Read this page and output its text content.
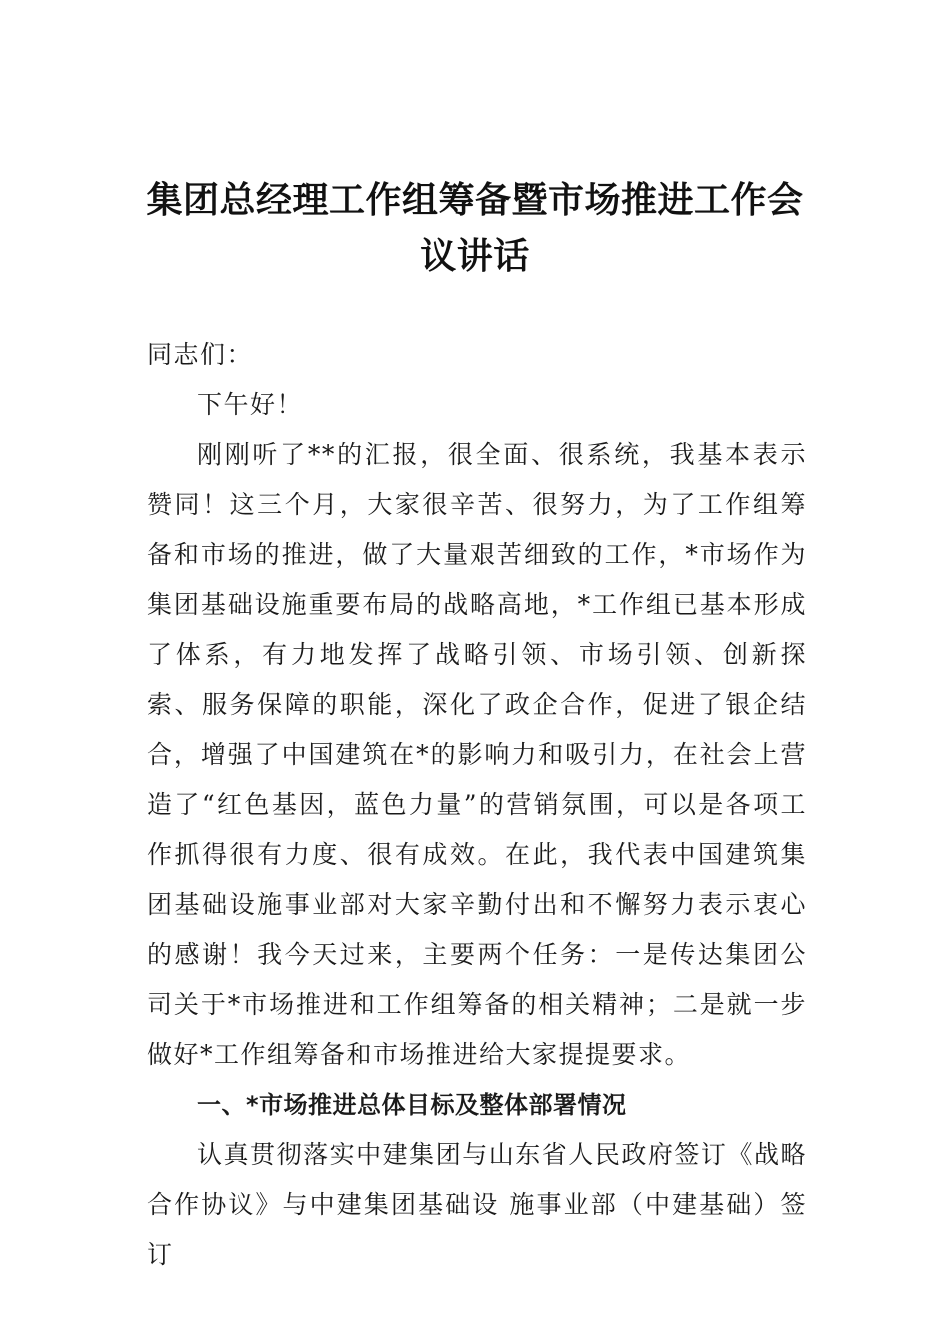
集团总经理工作组筹备暨市场推进工作会
议讲话

同志们：

下午好！

刚刚听了**的汇报，很全面、很系统，我基本表示赞同！这三个月，大家很辛苦、很努力，为了工作组筹备和市场的推进，做了大量艰苦细致的工作，*市场作为集团基础设施重要布局的战略高地，*工作组已基本形成了体系，有力地发挥了战略引领、市场引领、创新探索、服务保障的职能，深化了政企合作，促进了银企结合，增强了中国建筑在*的影响力和吸引力，在社会上营造了“红色基因，蓝色力量”的营销氛围，可以是各项工作抓得很有力度、很有成效。在此，我代表中国建筑集团基础设施事业部对大家辛勤付出和不懈努力表示衷心的感谢！我今天过来，主要两个任务：一是传达集团公司关于*市场推进和工作组筹备的相关精神；二是就一步做好*工作组筹备和市场推进给大家提提要求。

一、*市场推进总体目标及整体部署情况

认真贯彻落实中建集团与山东省人民政府签订《战略合作协议》与中建集团基础设 施事业部（中建基础）签订
